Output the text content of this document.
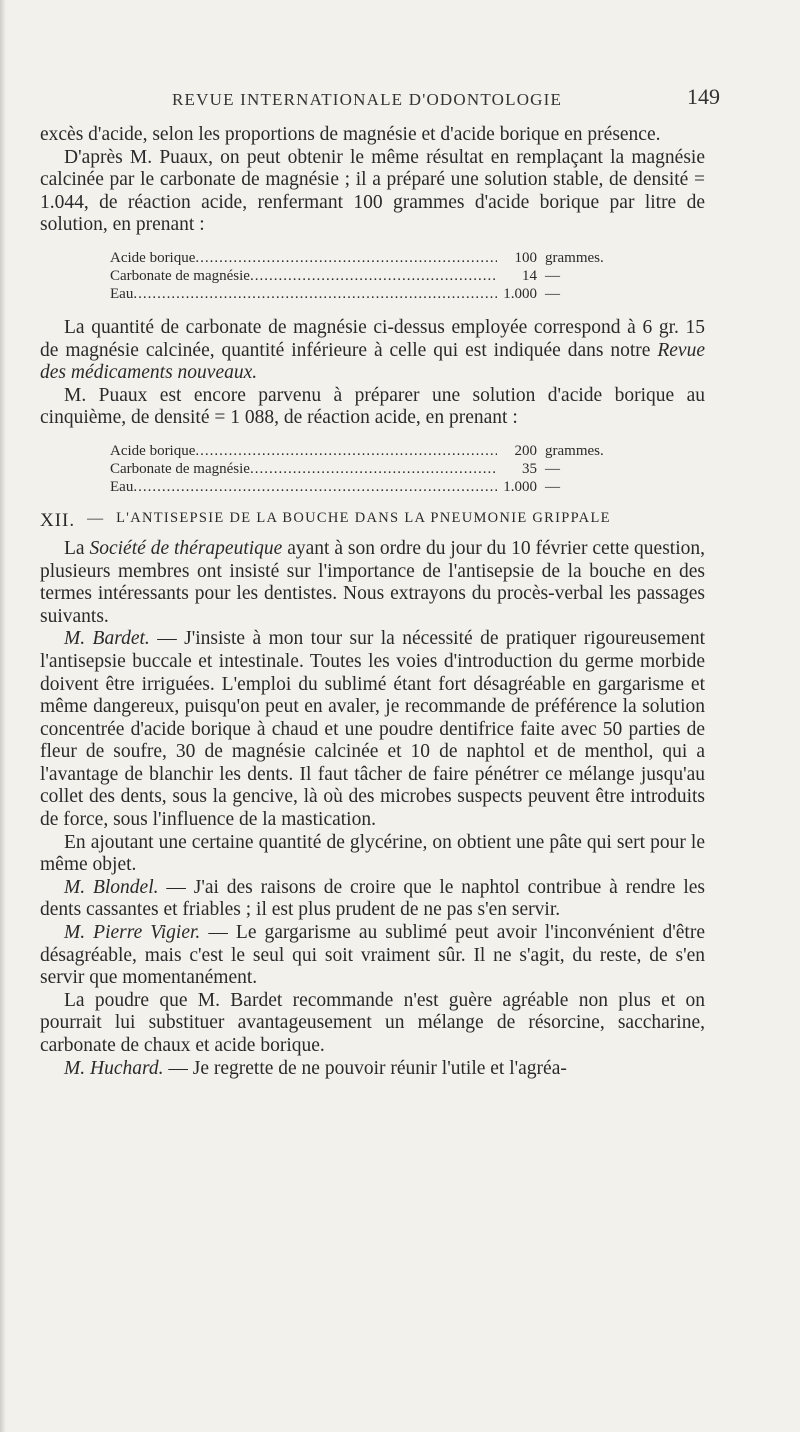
REVUE INTERNATIONALE D'ODONTOLOGIE	149

excès d'acide, selon les proportions de magnésie et d'acide borique en présence.

D'après M. Puaux, on peut obtenir le même résultat en remplaçant la magnésie calcinée par le carbonate de magnésie ; il a préparé une solution stable, de densité = 1.044, de réaction acide, renfermant 100 grammes d'acide borique par litre de solution, en prenant :

Acide borique .....	100 grammes.
Carbonate de magnésie .....	14 —
Eau .....	1.000 —

La quantité de carbonate de magnésie ci-dessus employée correspond à 6 gr. 15 de magnésie calcinée, quantité inférieure à celle qui est indiquée dans notre Revue des médicaments nouveaux.

M. Puaux est encore parvenu à préparer une solution d'acide borique au cinquième, de densité = 1 088, de réaction acide, en prenant :

Acide borique .....	200 grammes.
Carbonate de magnésie .....	35 —
Eau .....	1.000 —
XII. — L'ANTISEPSIE DE LA BOUCHE DANS LA PNEUMONIE GRIPPALE

La Société de thérapeutique ayant à son ordre du jour du 10 février cette question, plusieurs membres ont insisté sur l'importance de l'antisepsie de la bouche en des termes intéressants pour les dentistes. Nous extrayons du procès-verbal les passages suivants.

M. Bardet. — J'insiste à mon tour sur la nécessité de pratiquer rigoureusement l'antisepsie buccale et intestinale. Toutes les voies d'introduction du germe morbide doivent être irriguées. L'emploi du sublimé étant fort désagréable en gargarisme et même dangereux, puisqu'on peut en avaler, je recommande de préférence la solution concentrée d'acide borique à chaud et une poudre dentifrice faite avec 50 parties de fleur de soufre, 30 de magnésie calcinée et 10 de naphtol et de menthol, qui a l'avantage de blanchir les dents. Il faut tâcher de faire pénétrer ce mélange jusqu'au collet des dents, sous la gencive, là où des microbes suspects peuvent être introduits de force, sous l'influence de la mastication.

En ajoutant une certaine quantité de glycérine, on obtient une pâte qui sert pour le même objet.

M. Blondel. — J'ai des raisons de croire que le naphtol contribue à rendre les dents cassantes et friables ; il est plus prudent de ne pas s'en servir.

M. Pierre Vigier. — Le gargarisme au sublimé peut avoir l'inconvénient d'être désagréable, mais c'est le seul qui soit vraiment sûr. Il ne s'agit, du reste, de s'en servir que momentanément.

La poudre que M. Bardet recommande n'est guère agréable non plus et on pourrait lui substituer avantageusement un mélange de résorcine, saccharine, carbonate de chaux et acide borique.

M. Huchard. — Je regrette de ne pouvoir réunir l'utile et l'agréa-
